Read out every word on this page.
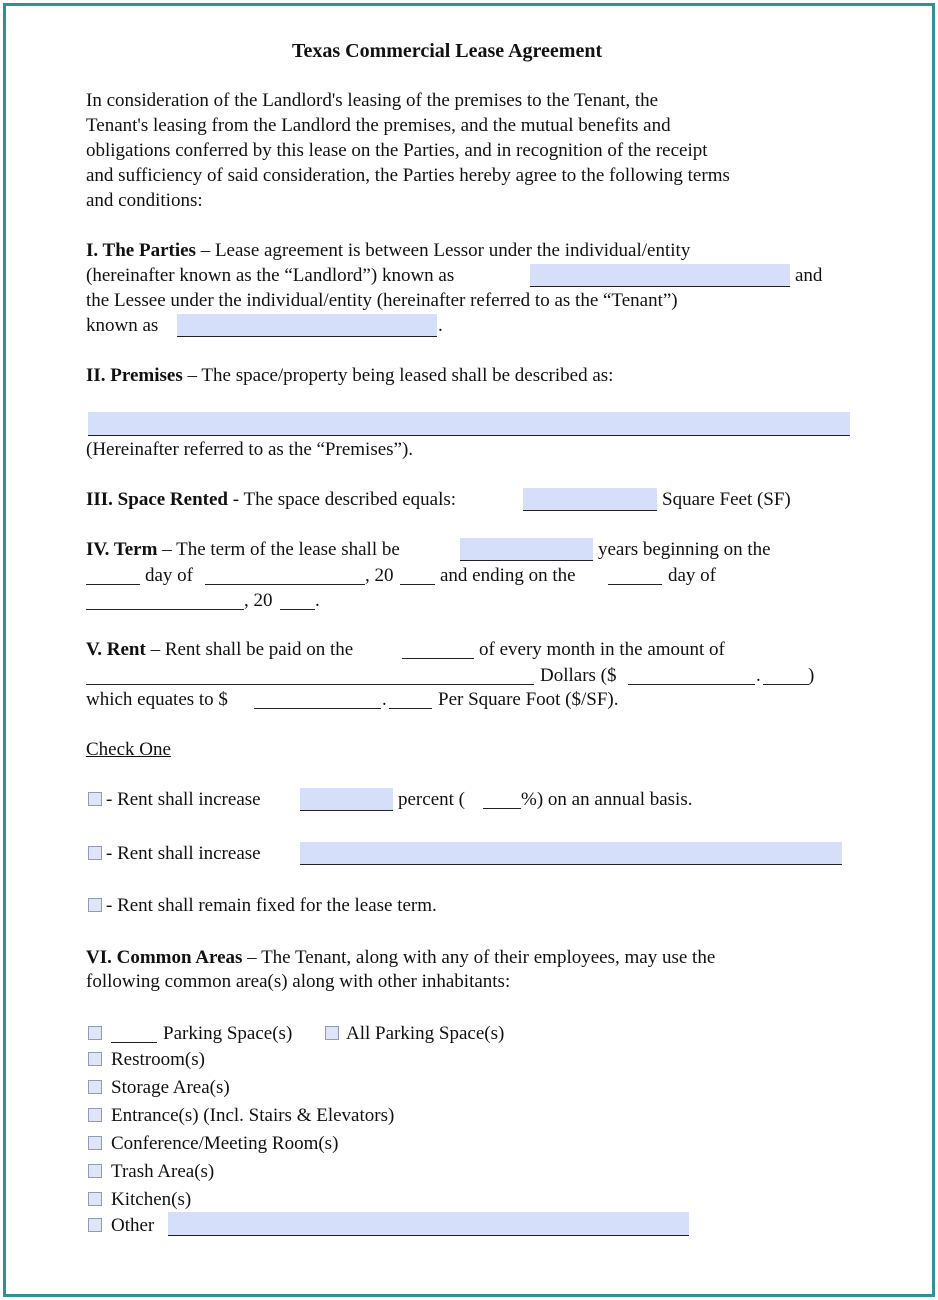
Texas Commercial Lease Agreement
In consideration of the Landlord's leasing of the premises to the Tenant, the
Tenant's leasing from the Landlord the premises, and the mutual benefits and
obligations conferred by this lease on the Parties, and in recognition of the receipt
and sufficiency of said consideration, the Parties hereby agree to the following terms
and conditions:
I. The Parties – Lease agreement is between Lessor under the individual/entity
(hereinafter known as the “Landlord”) known as	and
the Lessee under the individual/entity (hereinafter referred to as the “Tenant”)
known as	.
II. Premises – The space/property being leased shall be described as:
(Hereinafter referred to as the “Premises”).
III. Space Rented - The space described equals:	Square Feet (SF)
IV. Term – The term of the lease shall be	years beginning on the
day of	, 20 and ending on the	day of
, 20 .
V. Rent – Rent shall be paid on the	of every month in the amount of
Dollars ($	. )
which equates to $	.	Per Square Foot ($/SF).
Check One
- Rent shall increase	percent (	%) on an annual basis.
- Rent shall increase
- Rent shall remain fixed for the lease term.
VI. Common Areas – The Tenant, along with any of their employees, may use the
following common area(s) along with other inhabitants:
Parking Space(s)	All Parking Space(s)
Restroom(s)
Storage Area(s)
Entrance(s) (Incl. Stairs & Elevators)
Conference/Meeting Room(s)
Trash Area(s)
Kitchen(s)
Other
